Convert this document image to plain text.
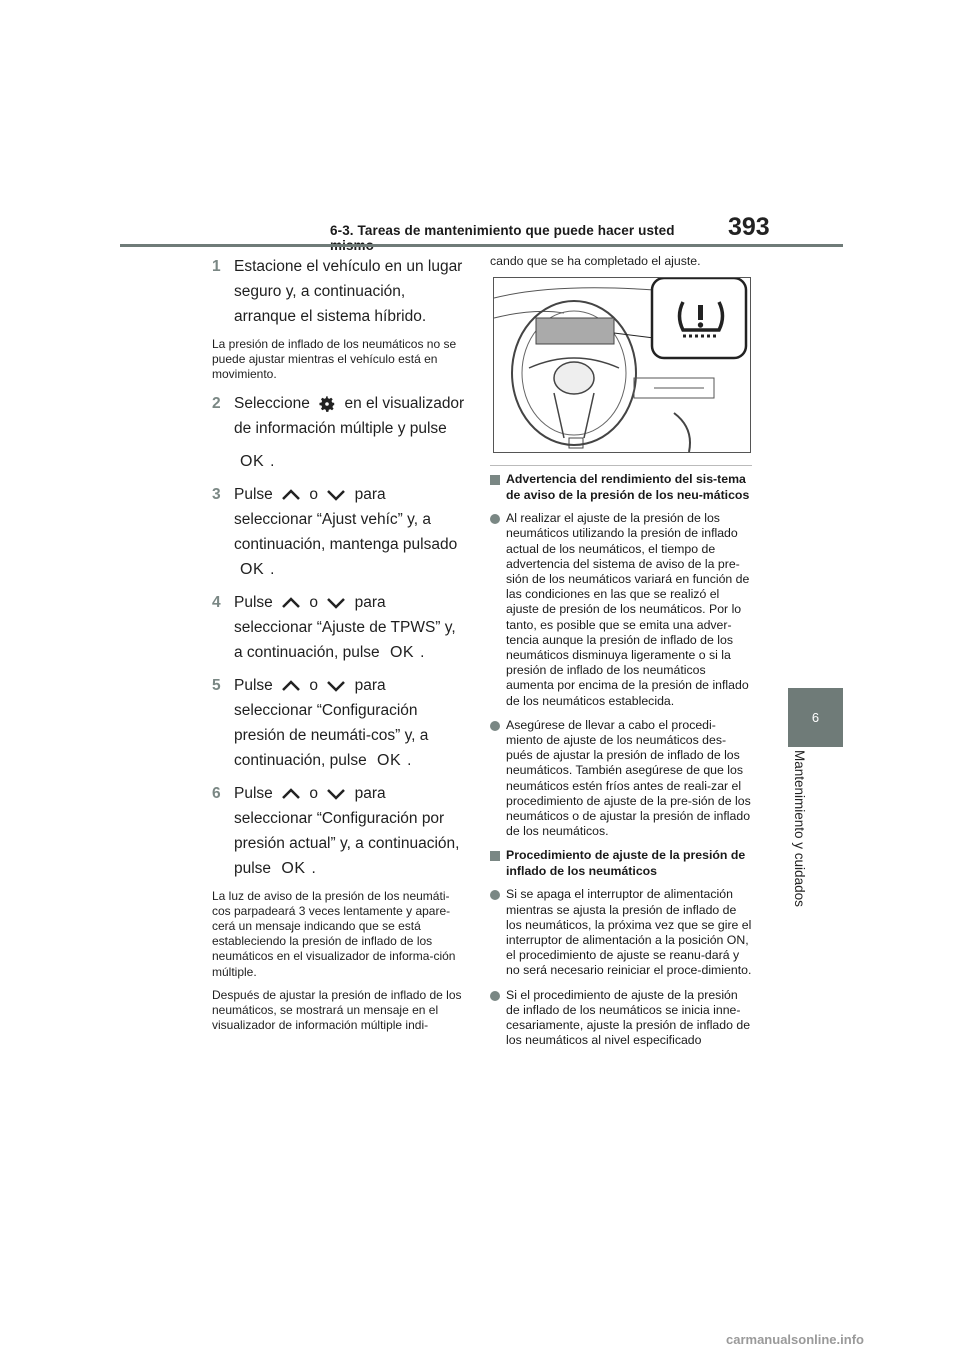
6-3. Tareas de mantenimiento que puede hacer usted	393
6
Mantenimiento y cuidados
1 Estacione el vehículo en un lugar seguro y, a continuación, arranque el sistema híbrido.

La presión de inflado de los neumáticos no se puede ajustar mientras el vehículo está en movimiento.

2 Seleccione en el visualizador de información múltiple y pulse
OK .
3 Pulse o para seleccionar “Ajust vehíc” y, a continuación, mantenga pulsado OK .
4 Pulse o para seleccionar “Ajuste de TPWS” y, a continuación, pulse OK .
5 Pulse o para seleccionar “Configuración presión de neumáti-cos” y, a continuación, pulse OK .
6 Pulse o para seleccionar “Configuración por presión actual” y, a continuación, pulse OK .

La luz de aviso de la presión de los neumáti-cos parpadeará 3 veces lentamente y apare-cerá un mensaje indicando que se está estableciendo la presión de inflado de los neumáticos en el visualizador de informa-ción múltiple.

Después de ajustar la presión de inflado de los neumáticos, se mostrará un mensaje en el visualizador de información múltiple indi-

cando que se ha completado el ajuste.

Advertencia del rendimiento del sis-tema de aviso de la presión de los neu-máticos
Al realizar el ajuste de la presión de los neumáticos utilizando la presión de inflado actual de los neumáticos, el tiempo de advertencia del sistema de aviso de la pre-sión de los neumáticos variará en función de las condiciones en las que se realizó el ajuste de presión de los neumáticos. Por lo tanto, es posible que se emita una adver-tencia aunque la presión de inflado de los neumáticos disminuya ligeramente o si la presión de inflado de los neumáticos aumenta por encima de la presión de inflado de los neumáticos establecida.
Asegúrese de llevar a cabo el procedi-miento de ajuste de los neumáticos des-pués de ajustar la presión de inflado de los neumáticos. También asegúrese de que los neumáticos estén fríos antes de reali-zar el procedimiento de ajuste de la pre-sión de los neumáticos o de ajustar la presión de inflado de los neumáticos.
Procedimiento de ajuste de la presión de inflado de los neumáticos
Si se apaga el interruptor de alimentación mientras se ajusta la presión de inflado de los neumáticos, la próxima vez que se gire el interruptor de alimentación a la posición ON, el procedimiento de ajuste se reanu-dará y no será necesario reiniciar el proce-dimiento.
Si el procedimiento de ajuste de la presión de inflado de los neumáticos se inicia inne-cesariamente, ajuste la presión de inflado de los neumáticos al nivel especificado
carmanualsonline.info
